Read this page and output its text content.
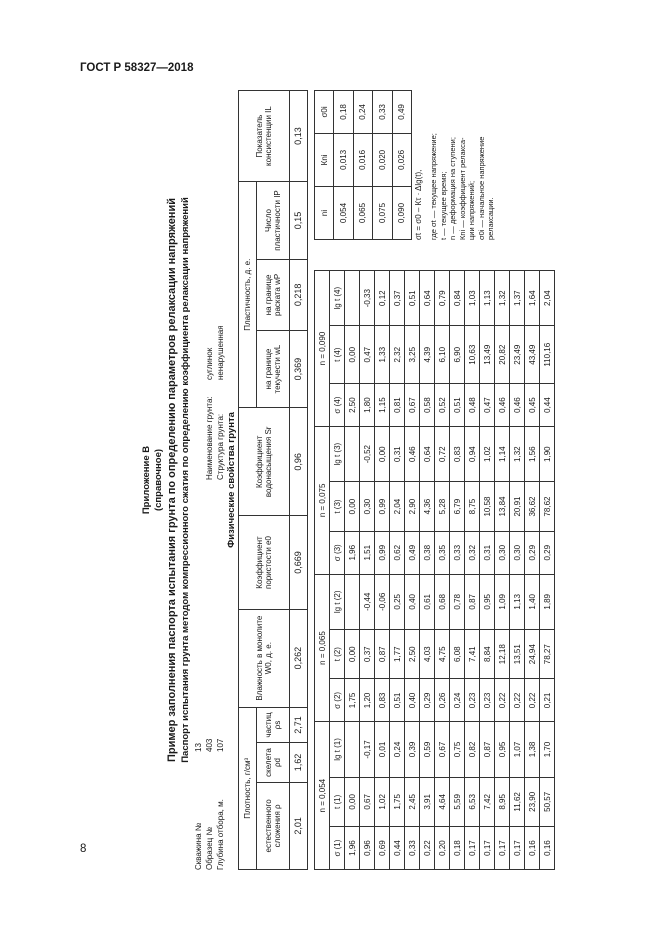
ГОСТ Р 58327—2018
8
Приложение В (справочное) Пример заполнения паспорта испытания грунта по определению параметров релаксации напряжений Паспорт испытания грунта методом компрессионного сжатия по определению коэффициента релаксации напряжений
Скважина №13
Образец №403
Глубина отбора, м.107
Наименование грунта:суглинок
Структура грунта:ненарушенная
Физические свойства грунта
Плотность, г/см³			Влажность в монолите W0, д. е.	Коэффициент пористости e0	Коэффициент водонасыщения Sr	Пластичность, д. е.			Показатель консистенции IL
естественного сложения ρ	скелета ρd	частиц ρs				на границе текучести wL	на границе раската wP	Число пластичности IP	
2,01	1,62	2,71	0,262	0,669	0,96	0,369	0,218	0,15	0,13
n = 0,054			n = 0,065			n = 0,075			n = 0,090		
σ (1)	t (1)	lg t (1)	σ (2)	t (2)	lg t (2)	σ (3)	t (3)	lg t (3)	σ (4)	t (4)	lg t (4)
1,96	0,00		1,75	0,00		1,96	0,00		2,50	0,00	
0,96	0,67	-0,17	1,20	0,37	-0,44	1,51	0,30	-0,52	1,80	0,47	-0,33
0,69	1,02	0,01	0,83	0,87	-0,06	0,99	0,99	0,00	1,15	1,33	0,12
0,44	1,75	0,24	0,51	1,77	0,25	0,62	2,04	0,31	0,81	2,32	0,37
0,33	2,45	0,39	0,40	2,50	0,40	0,49	2,90	0,46	0,67	3,25	0,51
0,22	3,91	0,59	0,29	4,03	0,61	0,38	4,36	0,64	0,58	4,39	0,64
0,20	4,64	0,67	0,26	4,75	0,68	0,35	5,28	0,72	0,52	6,10	0,79
0,18	5,59	0,75	0,24	6,08	0,78	0,33	6,79	0,83	0,51	6,90	0,84
0,17	6,53	0,82	0,23	7,41	0,87	0,32	8,75	0,94	0,48	10,63	1,03
0,17	7,42	0,87	0,23	8,84	0,95	0,31	10,58	1,02	0,47	13,49	1,13
0,17	8,95	0,95	0,22	12,18	1,09	0,30	13,84	1,14	0,46	20,82	1,32
0,17	11,62	1,07	0,22	13,51	1,13	0,30	20,91	1,32	0,46	23,49	1,37
0,16	23,90	1,38	0,22	24,94	1,40	0,29	36,62	1,56	0,45	43,49	1,64
0,16	50,57	1,70	0,21	78,27	1,89	0,29	78,62	1,90	0,44	110,16	2,04
ni	Кni	σ0i
0,054	0,013	0,18
0,065	0,016	0,24
0,075	0,020	0,33
0,090	0,026	0,49
σt = σ0 – Кτ · Δlg(t), где σt — текущее напряжение; t — текущее время; n — деформация на ступени; Кni — коэффициент релакса- ции напряжений; σ0i — начальное напряжение релаксации.
